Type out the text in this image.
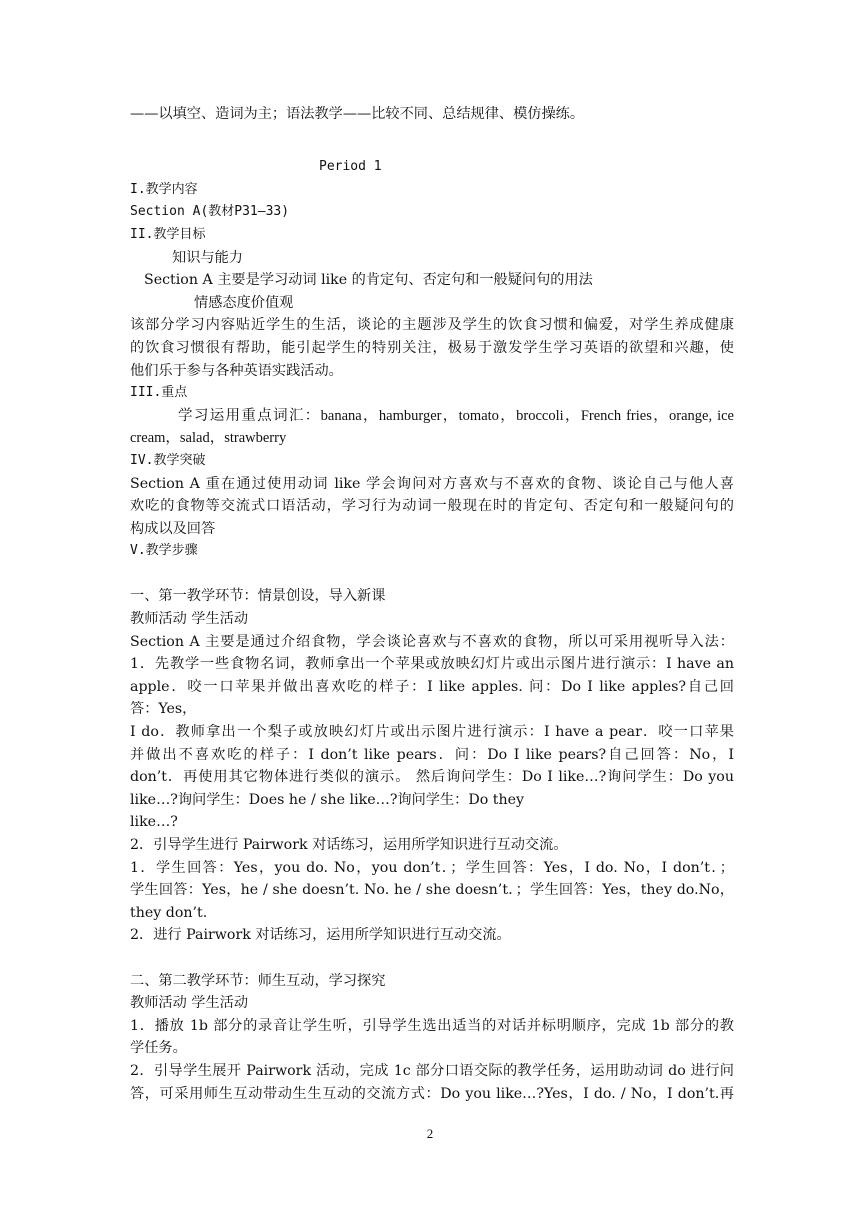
——以填空、造词为主；语法教学——比较不同、总结规律、模仿操练。
Period 1
I.教学内容
Section A(教材P31—33)
II.教学目标
知识与能力
Section A 主要是学习动词 like 的肯定句、否定句和一般疑问句的用法
情感态度价值观
该部分学习内容贴近学生的生活，谈论的主题涉及学生的饮食习惯和偏爱，对学生养成健康
的饮食习惯很有帮助，能引起学生的特别关注，极易于激发学生学习英语的欲望和兴趣，使
他们乐于参与各种英语实践活动。
III.重点
学习运用重点词汇：banana，hamburger，tomato，broccoli，French fries，orange, ice
cream，salad，strawberry
IV.教学突破
Section A 重在通过使用动词 like 学会询问对方喜欢与不喜欢的食物、谈论自己与他人喜
欢吃的食物等交流式口语活动，学习行为动词一般现在时的肯定句、否定句和一般疑问句的
构成以及回答
V.教学步骤
一、第一教学环节：情景创设，导入新课
教师活动 学生活动
Section A 主要是通过介绍食物，学会谈论喜欢与不喜欢的食物，所以可采用视听导入法：
1．先教学一些食物名词，教师拿出一个苹果或放映幻灯片或出示图片进行演示：I have an
apple．咬一口苹果并做出喜欢吃的样子：I like apples. 问：Do I like apples?自己回
答：Yes，
I do．教师拿出一个梨子或放映幻灯片或出示图片进行演示：I have a pear．咬一口苹果
并做出不喜欢吃的样子：I don’t like pears．问：Do I like pears?自己回答：No，I
don’t．再使用其它物体进行类似的演示。 然后询问学生：Do I like…?询问学生：Do you
like…?询问学生：Does he / she like…?询问学生：Do they
like…?
2．引导学生进行 Pairwork 对话练习，运用所学知识进行互动交流。
1．学生回答：Yes，you do. No，you don’t．；学生回答：Yes，I do. No，I don’t．；
学生回答：Yes，he / she doesn’t. No. he / she doesn’t．；学生回答：Yes，they do.No，
they don’t.
2．进行 Pairwork 对话练习，运用所学知识进行互动交流。
二、第二教学环节：师生互动，学习探究
教师活动 学生活动
1．播放 1b 部分的录音让学生听，引导学生选出适当的对话并标明顺序，完成 1b 部分的教
学任务。
2．引导学生展开 Pairwork 活动，完成 1c 部分口语交际的教学任务，运用助动词 do 进行问
答，可采用师生互动带动生生互动的交流方式：Do you like…?Yes，I do. / No，I don’t.再
2
